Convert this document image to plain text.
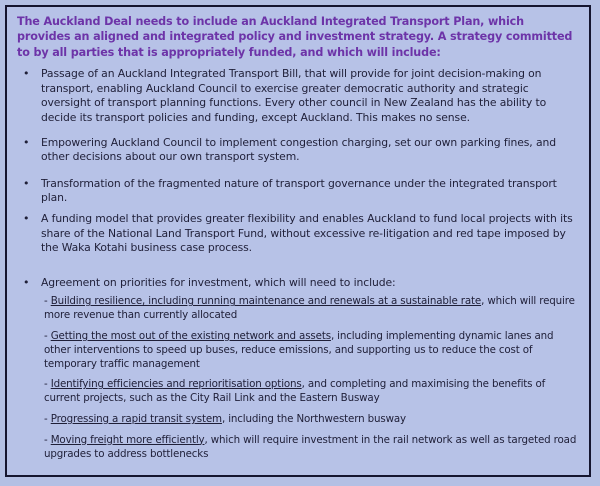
The Auckland Deal needs to include an Auckland Integrated Transport Plan, which provides an aligned and integrated policy and investment strategy. A strategy committed to by all parties that is appropriately funded, and which will include:

• Passage of an Auckland Integrated Transport Bill, that will provide for joint decision-making on transport, enabling Auckland Council to exercise greater democratic authority and strategic oversight of transport planning functions. Every other council in New Zealand has the ability to decide its transport policies and funding, except Auckland. This makes no sense.
• Empowering Auckland Council to implement congestion charging, set our own parking fines, and other decisions about our own transport system.
• Transformation of the fragmented nature of transport governance under the integrated transport plan.
• A funding model that provides greater flexibility and enables Auckland to fund local projects with its share of the National Land Transport Fund, without excessive re-litigation and red tape imposed by the Waka Kotahi business case process.
• Agreement on priorities for investment, which will need to include:
- Building resilience, including running maintenance and renewals at a sustainable rate, which will require more revenue than currently allocated
- Getting the most out of the existing network and assets, including implementing dynamic lanes and other interventions to speed up buses, reduce emissions, and supporting us to reduce the cost of temporary traffic management
- Identifying efficiencies and reprioritisation options, and completing and maximising the benefits of current projects, such as the City Rail Link and the Eastern Busway
- Progressing a rapid transit system, including the Northwestern busway
- Moving freight more efficiently, which will require investment in the rail network as well as targeted road upgrades to address bottlenecks
